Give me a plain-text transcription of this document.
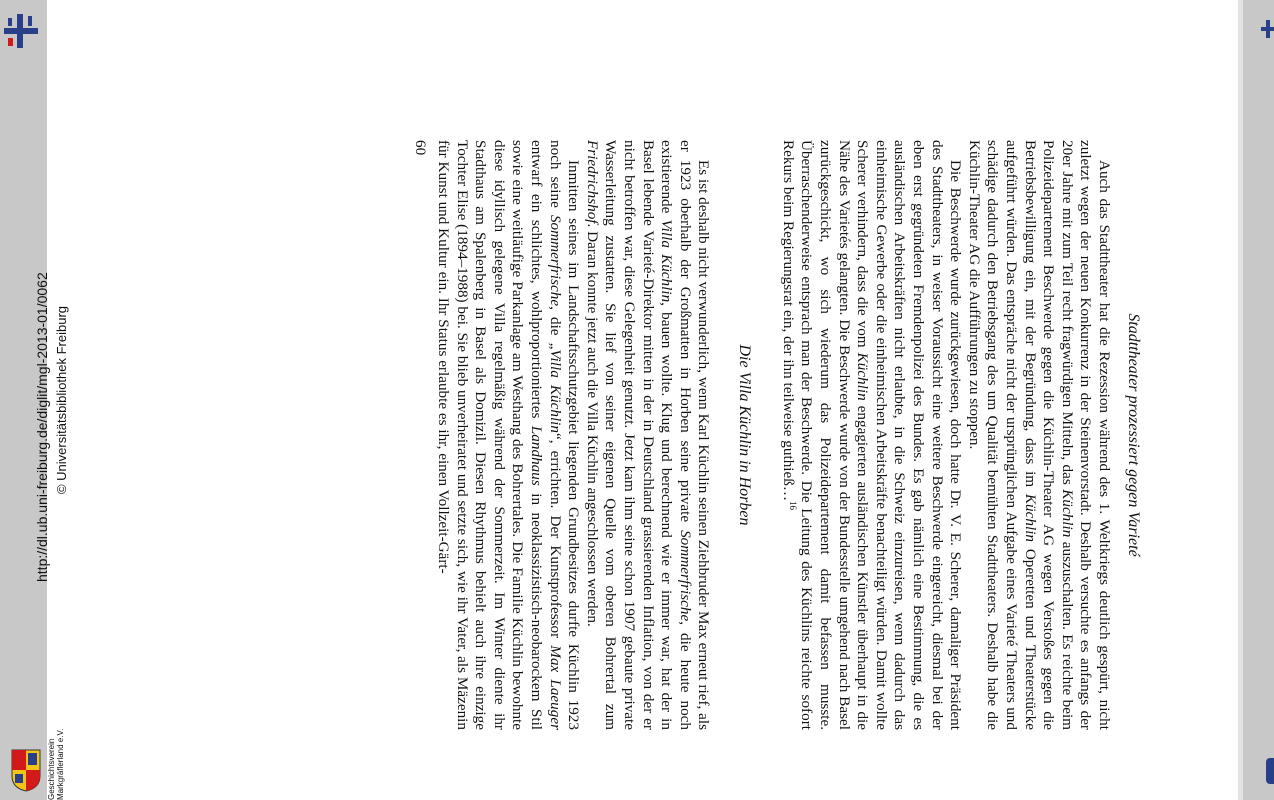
http://dl.ub.uni-freiburg.de/diglit/mgl-2013-01/0062 © Universitätsbibliothek Freiburg
Geschichtsverein Markgräflerland e.V.
Stadttheater prozessiert gegen Varieté

Auch das Stadttheater hat die Rezession während des 1. Weltkriegs deutlich gespürt, nicht zuletzt wegen der neuen Konkurrenz in der Steinenvorstadt. Deshalb versuchte es anfangs der 20er Jahre mit zum Teil recht fragwürdigen Mitteln, das Küchlin auszuschalten. Es reichte beim Polizeidepartement Beschwerde gegen die Küchlin-Theater AG wegen Verstoßes gegen die Betriebsbewilligung ein, mit der Begründung, dass im Küchlin Operetten und Theaterstücke aufgeführt würden. Das entspräche nicht der ursprünglichen Aufgabe eines Varieté Theaters und schädige dadurch den Betriebsgang des um Qualität bemühten Stadttheaters. Deshalb habe die Küchlin-Theater AG die Aufführungen zu stoppen.

Die Beschwerde wurde zurückgewiesen, doch hatte Dr. V. E. Scherer, damaliger Präsident des Stadttheaters, in weiser Voraussicht eine weitere Beschwerde eingereicht, diesmal bei der eben erst gegründeten Fremdenpolizei des Bundes. Es gab nämlich eine Bestimmung, die es ausländischen Arbeitskräften nicht erlaubte, in die Schweiz einzureisen, wenn dadurch das einheimische Gewerbe oder die einheimischen Arbeitskräfte benachteiligt würden. Damit wollte Scherer verhindern, dass die vom Küchlin engagierten ausländischen Künstler überhaupt in die Nähe des Varietés gelangten. Die Beschwerde wurde von der Bundesstelle umgehend nach Basel zurückgeschickt, wo sich wiederum das Polizeidepartement damit befassen musste. Überraschenderweise entsprach man der Beschwerde. Die Leitung des Küchlins reichte sofort Rekurs beim Regierungsrat ein, der ihn teilweise guthieß…$^{16}$

Die Villa Küchlin in Horben

Es ist deshalb nicht verwunderlich, wenn Karl Küchlin seinen Ziehbruder Max erneut rief, als er 1923 oberhalb der Großmatten in Horben seine private Sommerfrische, die heute noch existierende Villa Küchlin, bauen wollte. Klug und berechnend wie er immer war, hat der in Basel lebende Varieté-Direktor mitten in der in Deutschland grassierenden Inflation, von der er nicht betroffen war, diese Gelegenheit genutzt. Jetzt kam ihm seine schon 1907 gebaute private Wasserleitung zustatten. Sie lief von seiner eigenen Quelle vom oberen Bohrertal zum Friedrichshof. Daran konnte jetzt auch die Villa Küchlin angeschlossen werden.

Inmitten seines im Landschaftsschutzgebiet liegenden Grundbesitzes durfte Küchlin 1923 noch seine Sommerfrische, die „Villa Küchlin“, errichten. Der Kunstprofessor Max Laeuger entwarf ein schlichtes, wohlproportioniertes Landhaus in neoklassizistisch-neobarockem Stil sowie eine weitläufige Parkanlage am Westhang des Bohrertales. Die Familie Küchlin bewohnte diese idyllisch gelegene Villa regelmäßig während der Sommerzeit. Im Winter diente ihr Stadthaus am Spalenberg in Basel als Domizil. Diesen Rhythmus behielt auch ihre einzige Tochter Elise (1894–1988) bei. Sie blieb unverheiratet und setzte sich, wie ihr Vater, als Mäzenin für Kunst und Kultur ein. Ihr Status erlaubte es ihr, einen Vollzeit-Gärt-

60
